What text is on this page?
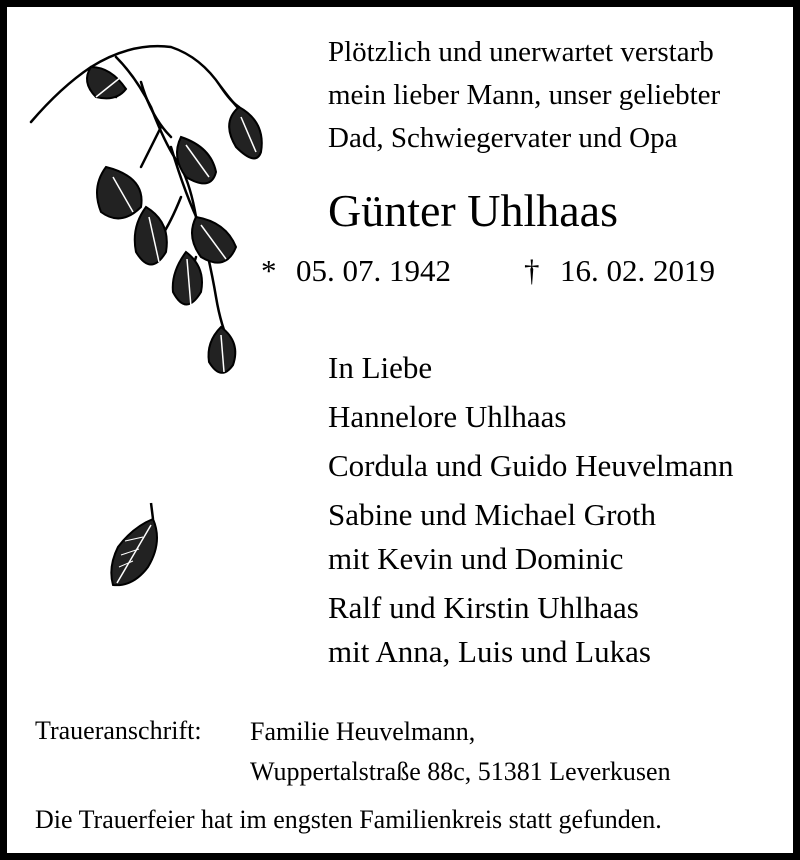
Plötzlich und unerwartet verstarb
mein lieber Mann, unser geliebter
Dad, Schwiegervater und Opa
Günter Uhlhaas
* 05. 07. 1942 † 16. 02. 2019
In Liebe
Hannelore Uhlhaas
Cordula und Guido Heuvelmann
Sabine und Michael Groth
mit Kevin und Dominic
Ralf und Kirstin Uhlhaas
mit Anna, Luis und Lukas
Traueranschrift: Familie Heuvelmann,
Wuppertalstraße 88c, 51381 Leverkusen
Die Trauerfeier hat im engsten Familienkreis statt gefunden.
